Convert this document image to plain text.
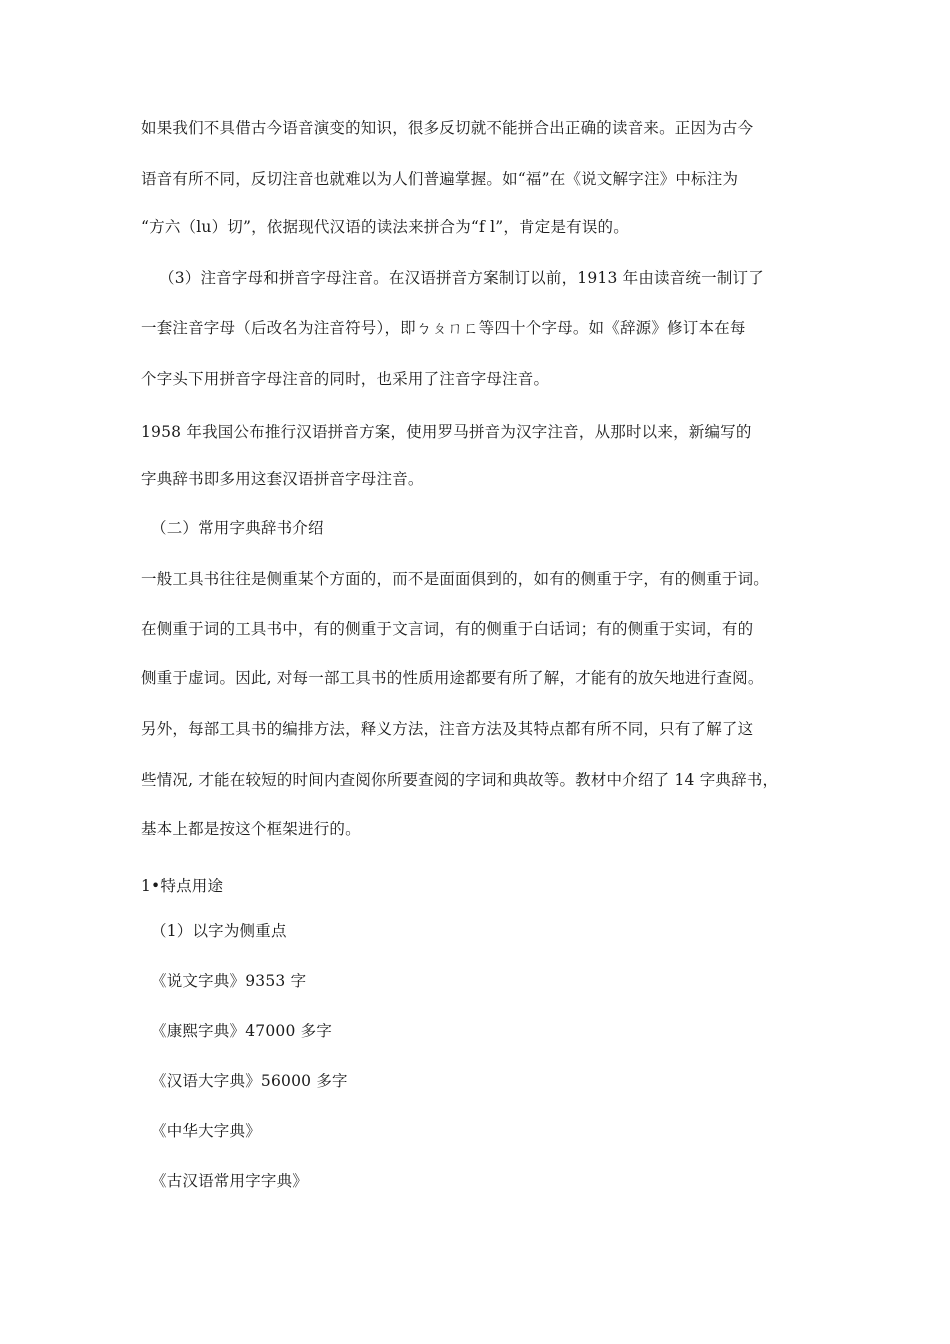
如果我们不具借古今语音演变的知识，很多反切就不能拼合出正确的读音来。正因为古今
语音有所不同，反切注音也就难以为人们普遍掌握。如“福”在《说文解字注》中标注为
“方六（lu）切”，依据现代汉语的读法来拼合为“f l”，肯定是有误的。
（3）注音字母和拼音字母注音。在汉语拼音方案制订以前，1913 年由读音统一制订了
一套注音字母（后改名为注音符号），即ㄅㄆㄇㄈ等四十个字母。如《辞源》修订本在每
个字头下用拼音字母注音的同时，也采用了注音字母注音。
1958 年我国公布推行汉语拼音方案，使用罗马拼音为汉字注音，从那时以来，新编写的
字典辞书即多用这套汉语拼音字母注音。
（二）常用字典辞书介绍
一般工具书往往是侧重某个方面的，而不是面面俱到的，如有的侧重于字，有的侧重于词。
在侧重于词的工具书中，有的侧重于文言词，有的侧重于白话词；有的侧重于实词，有的
侧重于虚词。因此, 对每一部工具书的性质用途都要有所了解，才能有的放矢地进行查阅。
另外，每部工具书的编排方法，释义方法，注音方法及其特点都有所不同，只有了解了这
些情况, 才能在较短的时间内查阅你所要查阅的字词和典故等。教材中介绍了 14 字典辞书，
基本上都是按这个框架进行的。
1•特点用途
（1）以字为侧重点
《说文字典》9353 字
《康熙字典》47000 多字
《汉语大字典》56000 多字
《中华大字典》
《古汉语常用字字典》
